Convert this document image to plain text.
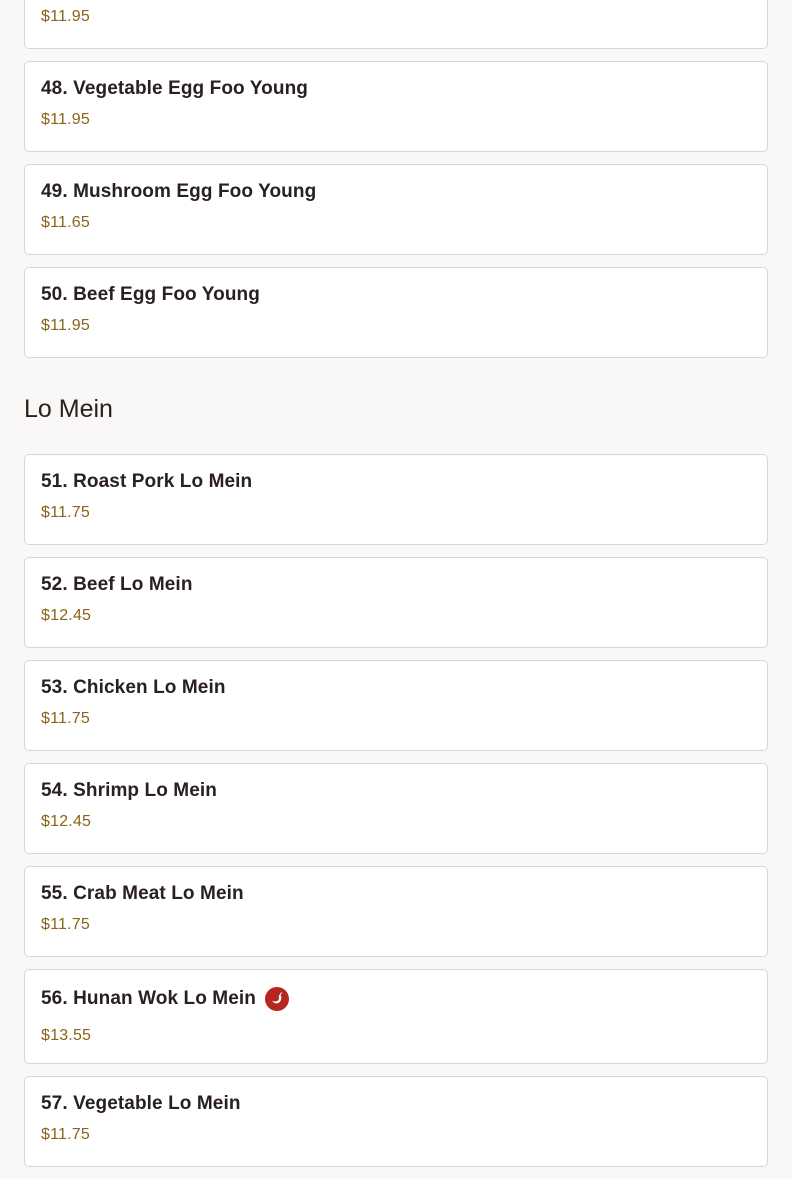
$11.95
48. Vegetable Egg Foo Young
$11.95
49. Mushroom Egg Foo Young
$11.65
50. Beef Egg Foo Young
$11.95
Lo Mein
51. Roast Pork Lo Mein
$11.75
52. Beef Lo Mein
$12.45
53. Chicken Lo Mein
$11.75
54. Shrimp Lo Mein
$12.45
55. Crab Meat Lo Mein
$11.75
56. Hunan Wok Lo Mein
$13.55
57. Vegetable Lo Mein
$11.75
